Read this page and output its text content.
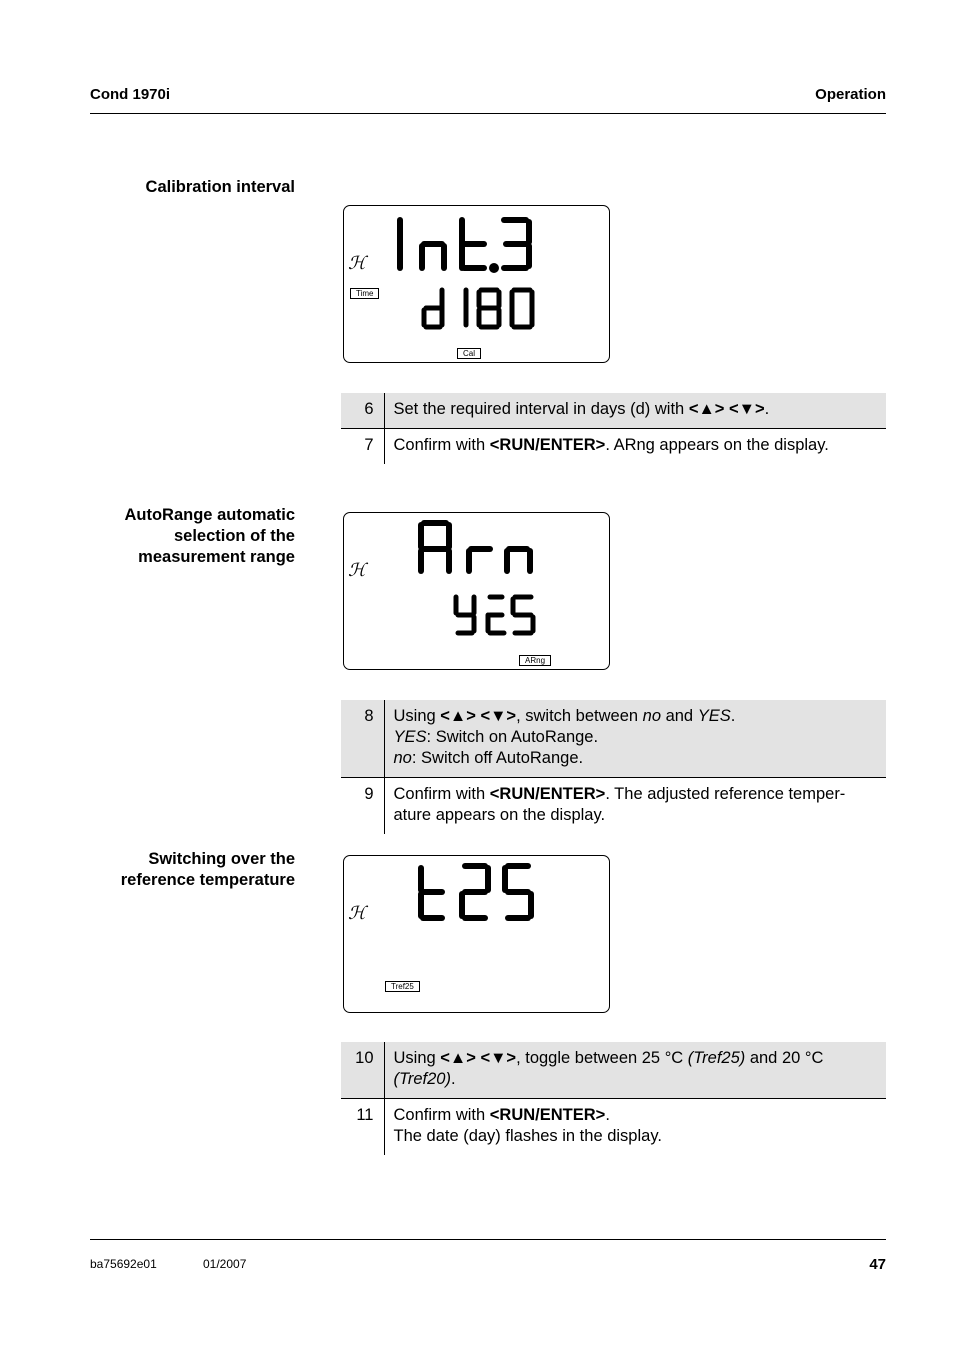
Cond 1970i	Operation
Calibration interval
ℋ
Time
Cal
6	Set the required interval in days (d) with <▲> <▼>.
7	Confirm with <RUN/ENTER>. ARng appears on the display.
AutoRange automatic
selection of the
measurement range
ℋ
ARng
8	Using <▲> <▼>, switch between no and YES.
YES: Switch on AutoRange.
no: Switch off AutoRange.
9	Confirm with <RUN/ENTER>. The adjusted reference temper-
ature appears on the display.
Switching over the
reference temperature
ℋ
Tref25
10	Using <▲> <▼>, toggle between 25 °C (Tref25) and 20 °C
(Tref20).
11	Confirm with <RUN/ENTER>.
The date (day) flashes in the display.
ba75692e01	01/2007	47
